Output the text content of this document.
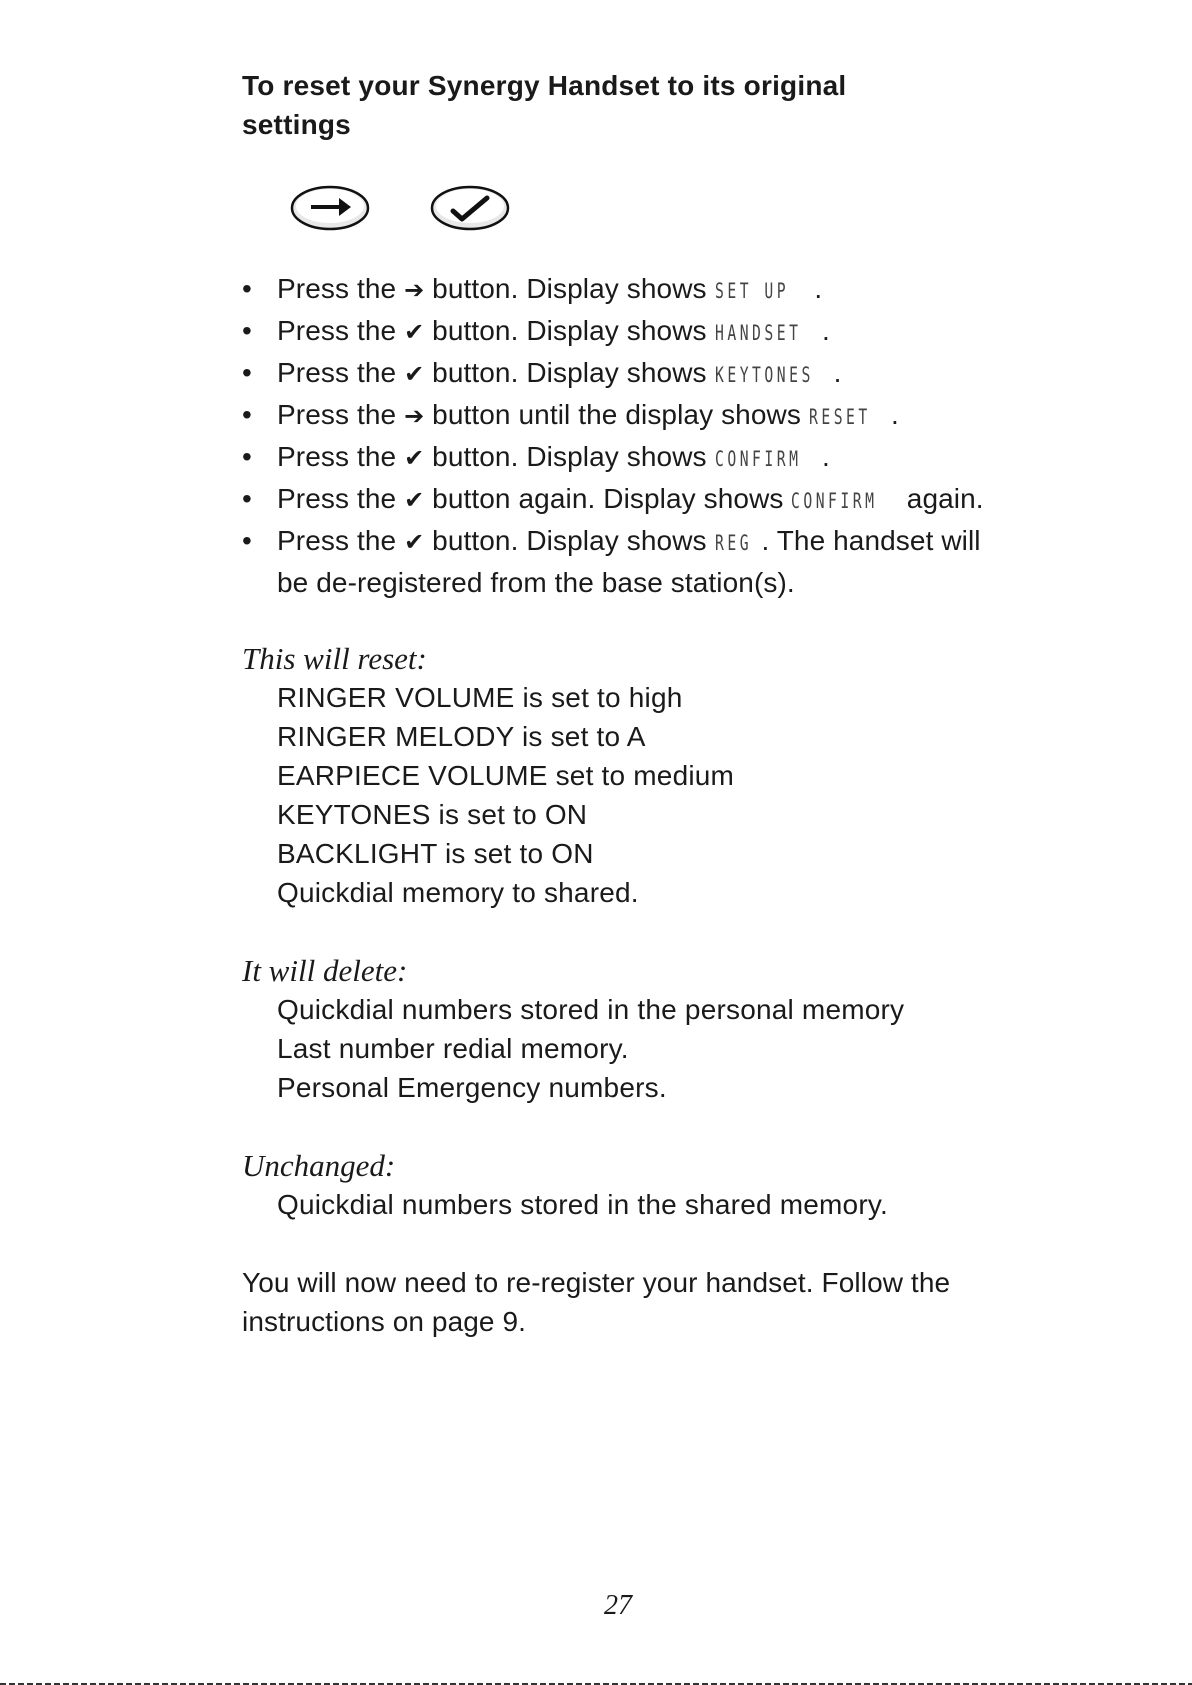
To reset your Synergy Handset to its original settings
• Press the ➔ button. Display shows SET UP .
• Press the ✔ button. Display shows HANDSET .
• Press the ✔ button. Display shows KEYTONES .
• Press the ➔ button until the display shows RESET .
• Press the ✔ button. Display shows CONFIRM .
• Press the ✔ button again. Display shows CONFIRM again.
• Press the ✔ button. Display shows REG . The handset will be de-registered from the base station(s).

This will reset:

RINGER VOLUME is set to high
RINGER MELODY is set to A
EARPIECE VOLUME set to medium
KEYTONES is set to ON
BACKLIGHT is set to ON
Quickdial memory to shared.

It will delete:

Quickdial numbers stored in the personal memory
Last number redial memory.
Personal Emergency numbers.

Unchanged:

Quickdial numbers stored in the shared memory.

You will now need to re-register your handset. Follow the instructions on page 9.

27
